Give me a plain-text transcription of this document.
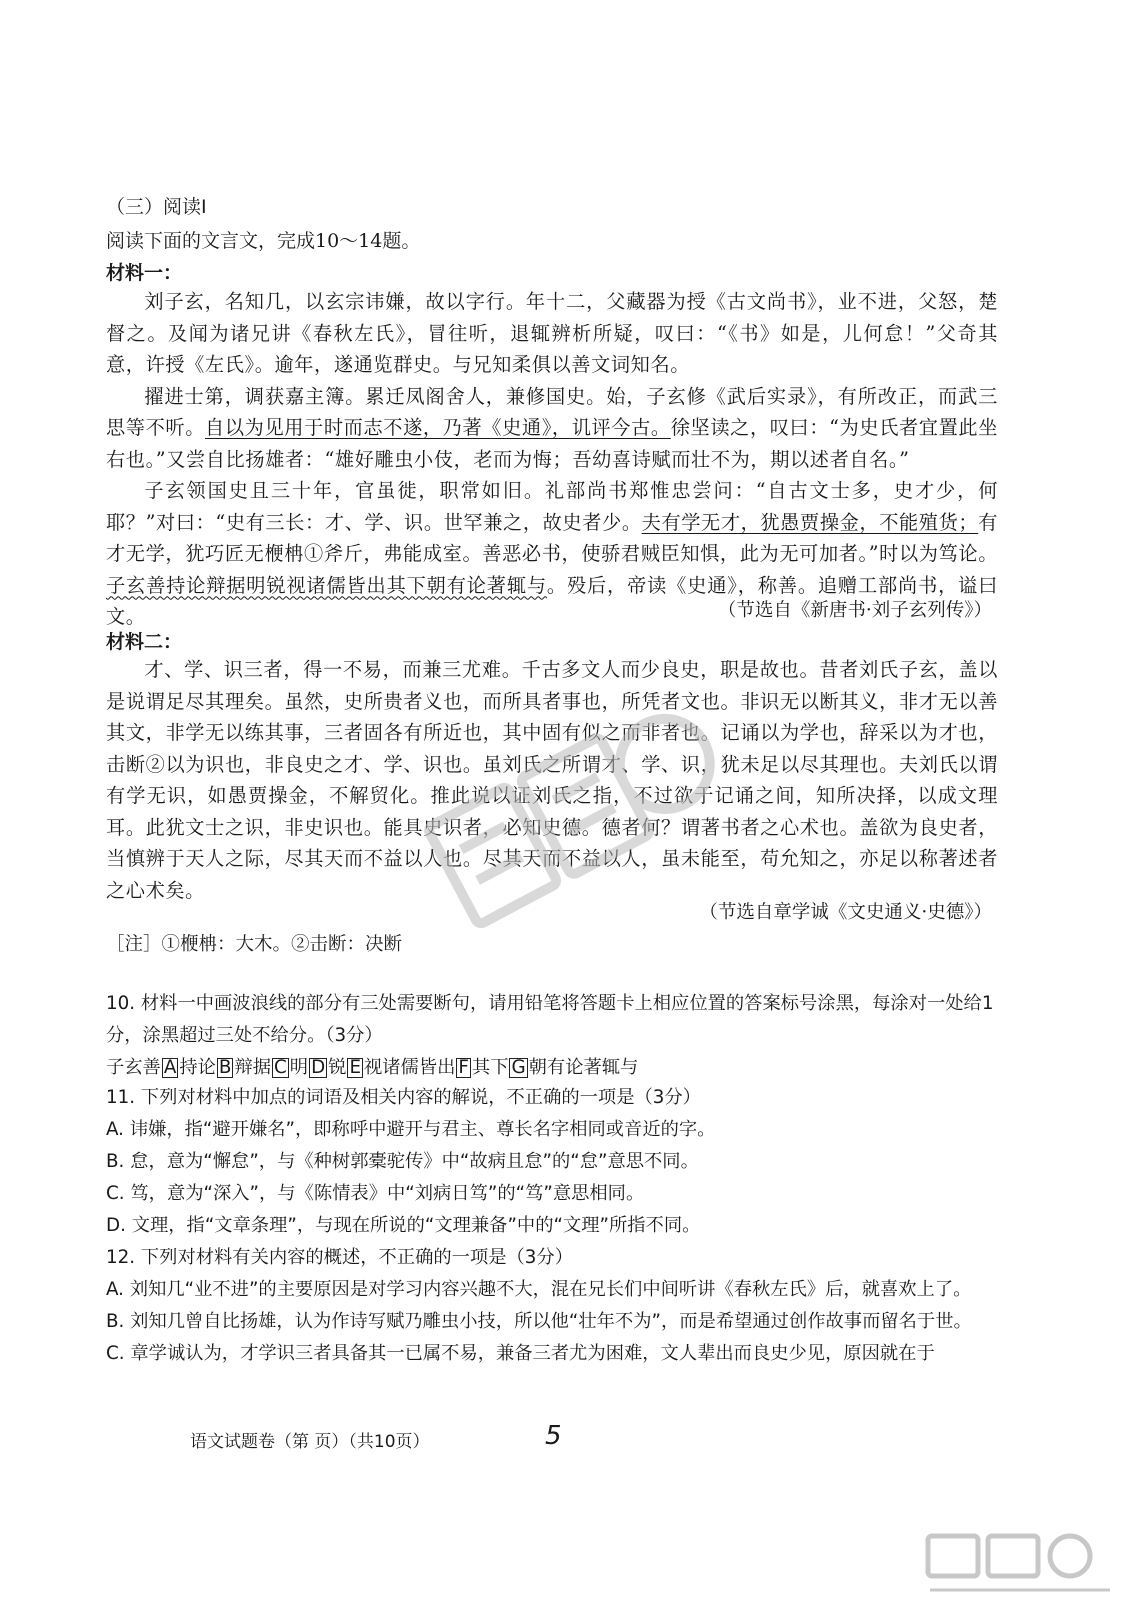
（三）阅读Ⅰ
阅读下面的文言文，完成10～14题。
材料一：

刘子玄，名知几，以玄宗讳嫌，故以字行。年十二，父藏器为授《古文尚书》，业不进，父怒，楚督之。及闻为诸兄讲《春秋左氏》，冒往听，退辄辨析所疑，叹曰：“《书》如是，儿何怠！”父奇其意，许授《左氏》。逾年，遂通览群史。与兄知柔俱以善文词知名。

擢进士第，调获嘉主簿。累迁凤阁舍人，兼修国史。始，子玄修《武后实录》，有所改正，而武三思等不听。自以为见用于时而志不遂，乃著《史通》，讥评今古。徐坚读之，叹曰：“为史氏者宜置此坐右也。”又尝自比扬雄者：“雄好雕虫小伎，老而为悔；吾幼喜诗赋而壮不为，期以述者自名。”

子玄领国史且三十年，官虽徙，职常如旧。礼部尚书郑惟忠尝问：“自古文士多，史才少，何耶？”对曰：“史有三长：才、学、识。世罕兼之，故史者少。夫有学无才，犹愚贾操金，不能殖货；有才无学，犹巧匠无楩柟①斧斤，弗能成室。善恶必书，使骄君贼臣知惧，此为无可加者。”时以为笃论。子玄善持论辩据明锐视诸儒皆出其下朝有论著辄与。殁后，帝读《史通》，称善。追赠工部尚书，谥曰文。	（节选自《新唐书·刘子玄列传》）
材料二：

才、学、识三者，得一不易，而兼三尤难。千古多文人而少良史，职是故也。昔者刘氏子玄，盖以是说谓足尽其理矣。虽然，史所贵者义也，而所具者事也，所凭者文也。非识无以断其义，非才无以善其文，非学无以练其事，三者固各有所近也，其中固有似之而非者也。记诵以为学也，辞采以为才也，击断②以为识也，非良史之才、学、识也。虽刘氏之所谓才、学、识，犹未足以尽其理也。夫刘氏以谓有学无识，如愚贾操金，不解贸化。推此说以证刘氏之指，不过欲于记诵之间，知所决择，以成文理耳。此犹文士之识，非史识也。能具史识者，必知史德。德者何？谓著书者之心术也。盖欲为良史者，当慎辨于天人之际，尽其天而不益以人也。尽其天而不益以人，虽未能至，苟允知之，亦足以称著述者之心术矣。

（节选自章学诚《文史通义·史德》）
［注］①楩柟：大木。②击断：决断
10. 材料一中画波浪线的部分有三处需要断句，请用铅笔将答题卡上相应位置的答案标号涂黑，每涂对一处给1分，涂黑超过三处不给分。（3分）
子玄善 A 持论 B 辩据 C 明 D 锐 E 视诸儒皆出 F 其下 G 朝有论著辄与
11. 下列对材料中加点的词语及相关内容的解说，不正确的一项是（3分）
A. 讳嫌，指“避开嫌名”，即称呼中避开与君主、尊长名字相同或音近的字。
B. 怠，意为“懈怠”，与《种树郭橐驼传》中“故病且怠”的“怠”意思不同。
C. 笃，意为“深入”，与《陈情表》中“刘病日笃”的“笃”意思相同。
D. 文理，指“文章条理”，与现在所说的“文理兼备”中的“文理”所指不同。
12. 下列对材料有关内容的概述，不正确的一项是（3分）
A. 刘知几“业不进”的主要原因是对学习内容兴趣不大，混在兄长们中间听讲《春秋左氏》后，就喜欢上了。
B. 刘知几曾自比扬雄，认为作诗写赋乃雕虫小技，所以他“壮年不为”，而是希望通过创作故事而留名于世。
C. 章学诚认为，才学识三者具备其一已属不易，兼备三者尤为困难，文人辈出而良史少见，原因就在于
语文试题卷（第 页）（共10页）	5
